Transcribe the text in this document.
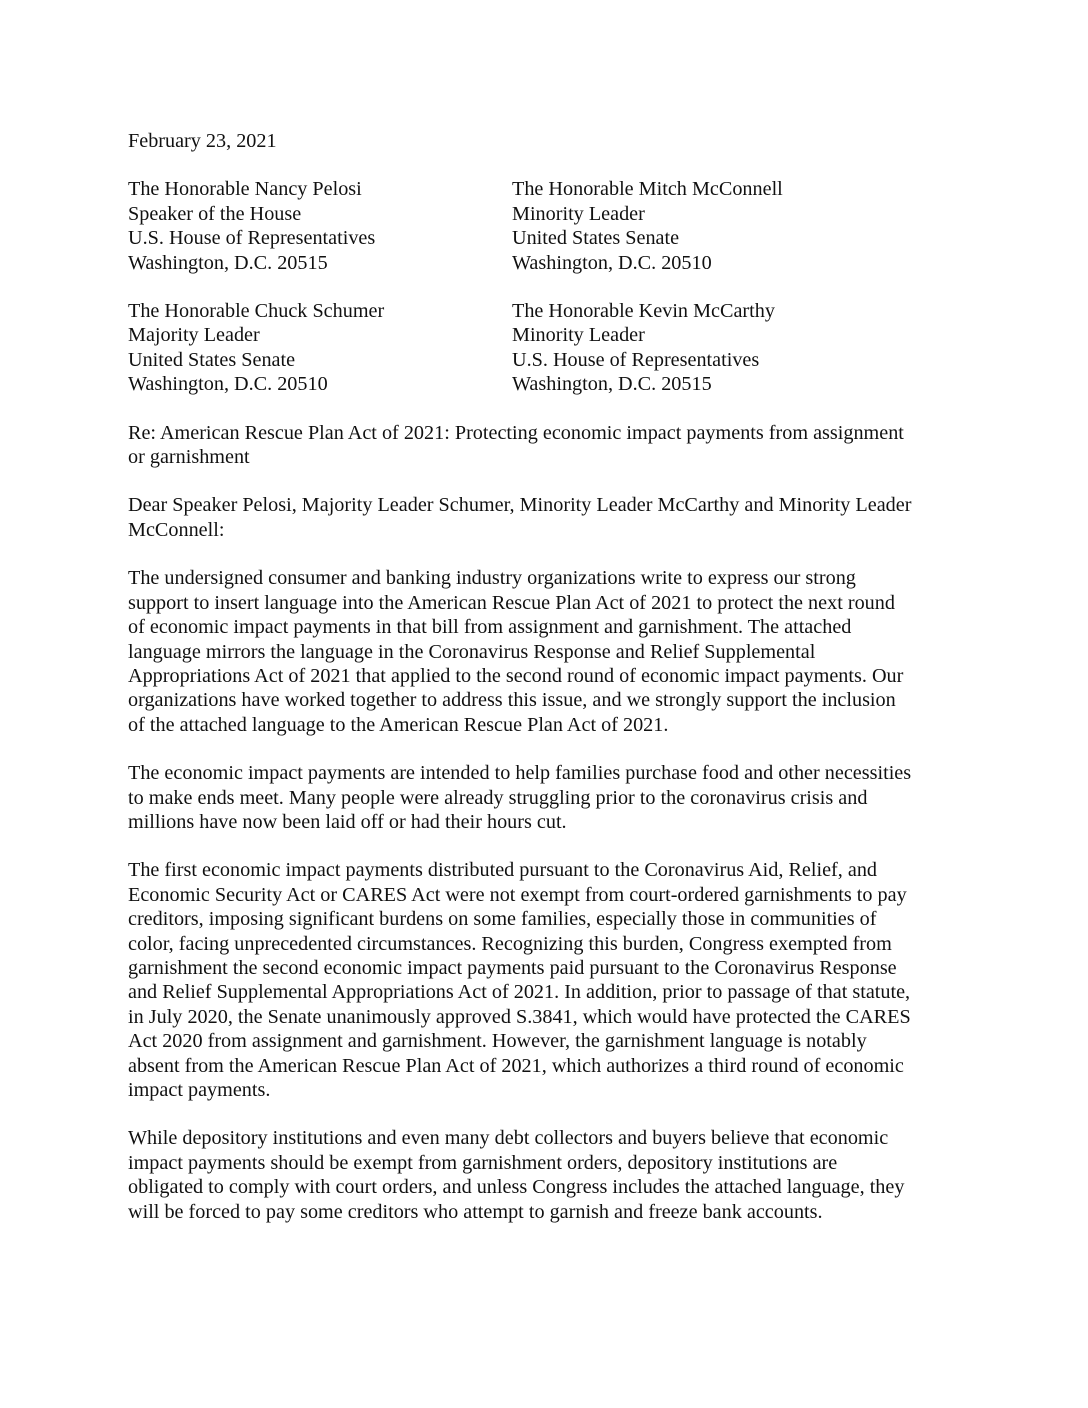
February 23, 2021
The Honorable Nancy Pelosi
Speaker of the House
U.S. House of Representatives
Washington, D.C. 20515
The Honorable Mitch McConnell
Minority Leader
United States Senate
Washington, D.C. 20510
The Honorable Chuck Schumer
Majority Leader
United States Senate
Washington, D.C. 20510
The Honorable Kevin McCarthy
Minority Leader
U.S. House of Representatives
Washington, D.C. 20515
Re: American Rescue Plan Act of 2021: Protecting economic impact payments from assignment
or garnishment
Dear Speaker Pelosi, Majority Leader Schumer, Minority Leader McCarthy and Minority Leader
McConnell:
The undersigned consumer and banking industry organizations write to express our strong
support to insert language into the American Rescue Plan Act of 2021 to protect the next round
of economic impact payments in that bill from assignment and garnishment. The attached
language mirrors the language in the Coronavirus Response and Relief Supplemental
Appropriations Act of 2021 that applied to the second round of economic impact payments. Our
organizations have worked together to address this issue, and we strongly support the inclusion
of the attached language to the American Rescue Plan Act of 2021.
The economic impact payments are intended to help families purchase food and other necessities
to make ends meet. Many people were already struggling prior to the coronavirus crisis and
millions have now been laid off or had their hours cut.
The first economic impact payments distributed pursuant to the Coronavirus Aid, Relief, and
Economic Security Act or CARES Act were not exempt from court-ordered garnishments to pay
creditors, imposing significant burdens on some families, especially those in communities of
color, facing unprecedented circumstances. Recognizing this burden, Congress exempted from
garnishment the second economic impact payments paid pursuant to the Coronavirus Response
and Relief Supplemental Appropriations Act of 2021. In addition, prior to passage of that statute,
in July 2020, the Senate unanimously approved S.3841, which would have protected the CARES
Act 2020 from assignment and garnishment. However, the garnishment language is notably
absent from the American Rescue Plan Act of 2021, which authorizes a third round of economic
impact payments.
While depository institutions and even many debt collectors and buyers believe that economic
impact payments should be exempt from garnishment orders, depository institutions are
obligated to comply with court orders, and unless Congress includes the attached language, they
will be forced to pay some creditors who attempt to garnish and freeze bank accounts.
